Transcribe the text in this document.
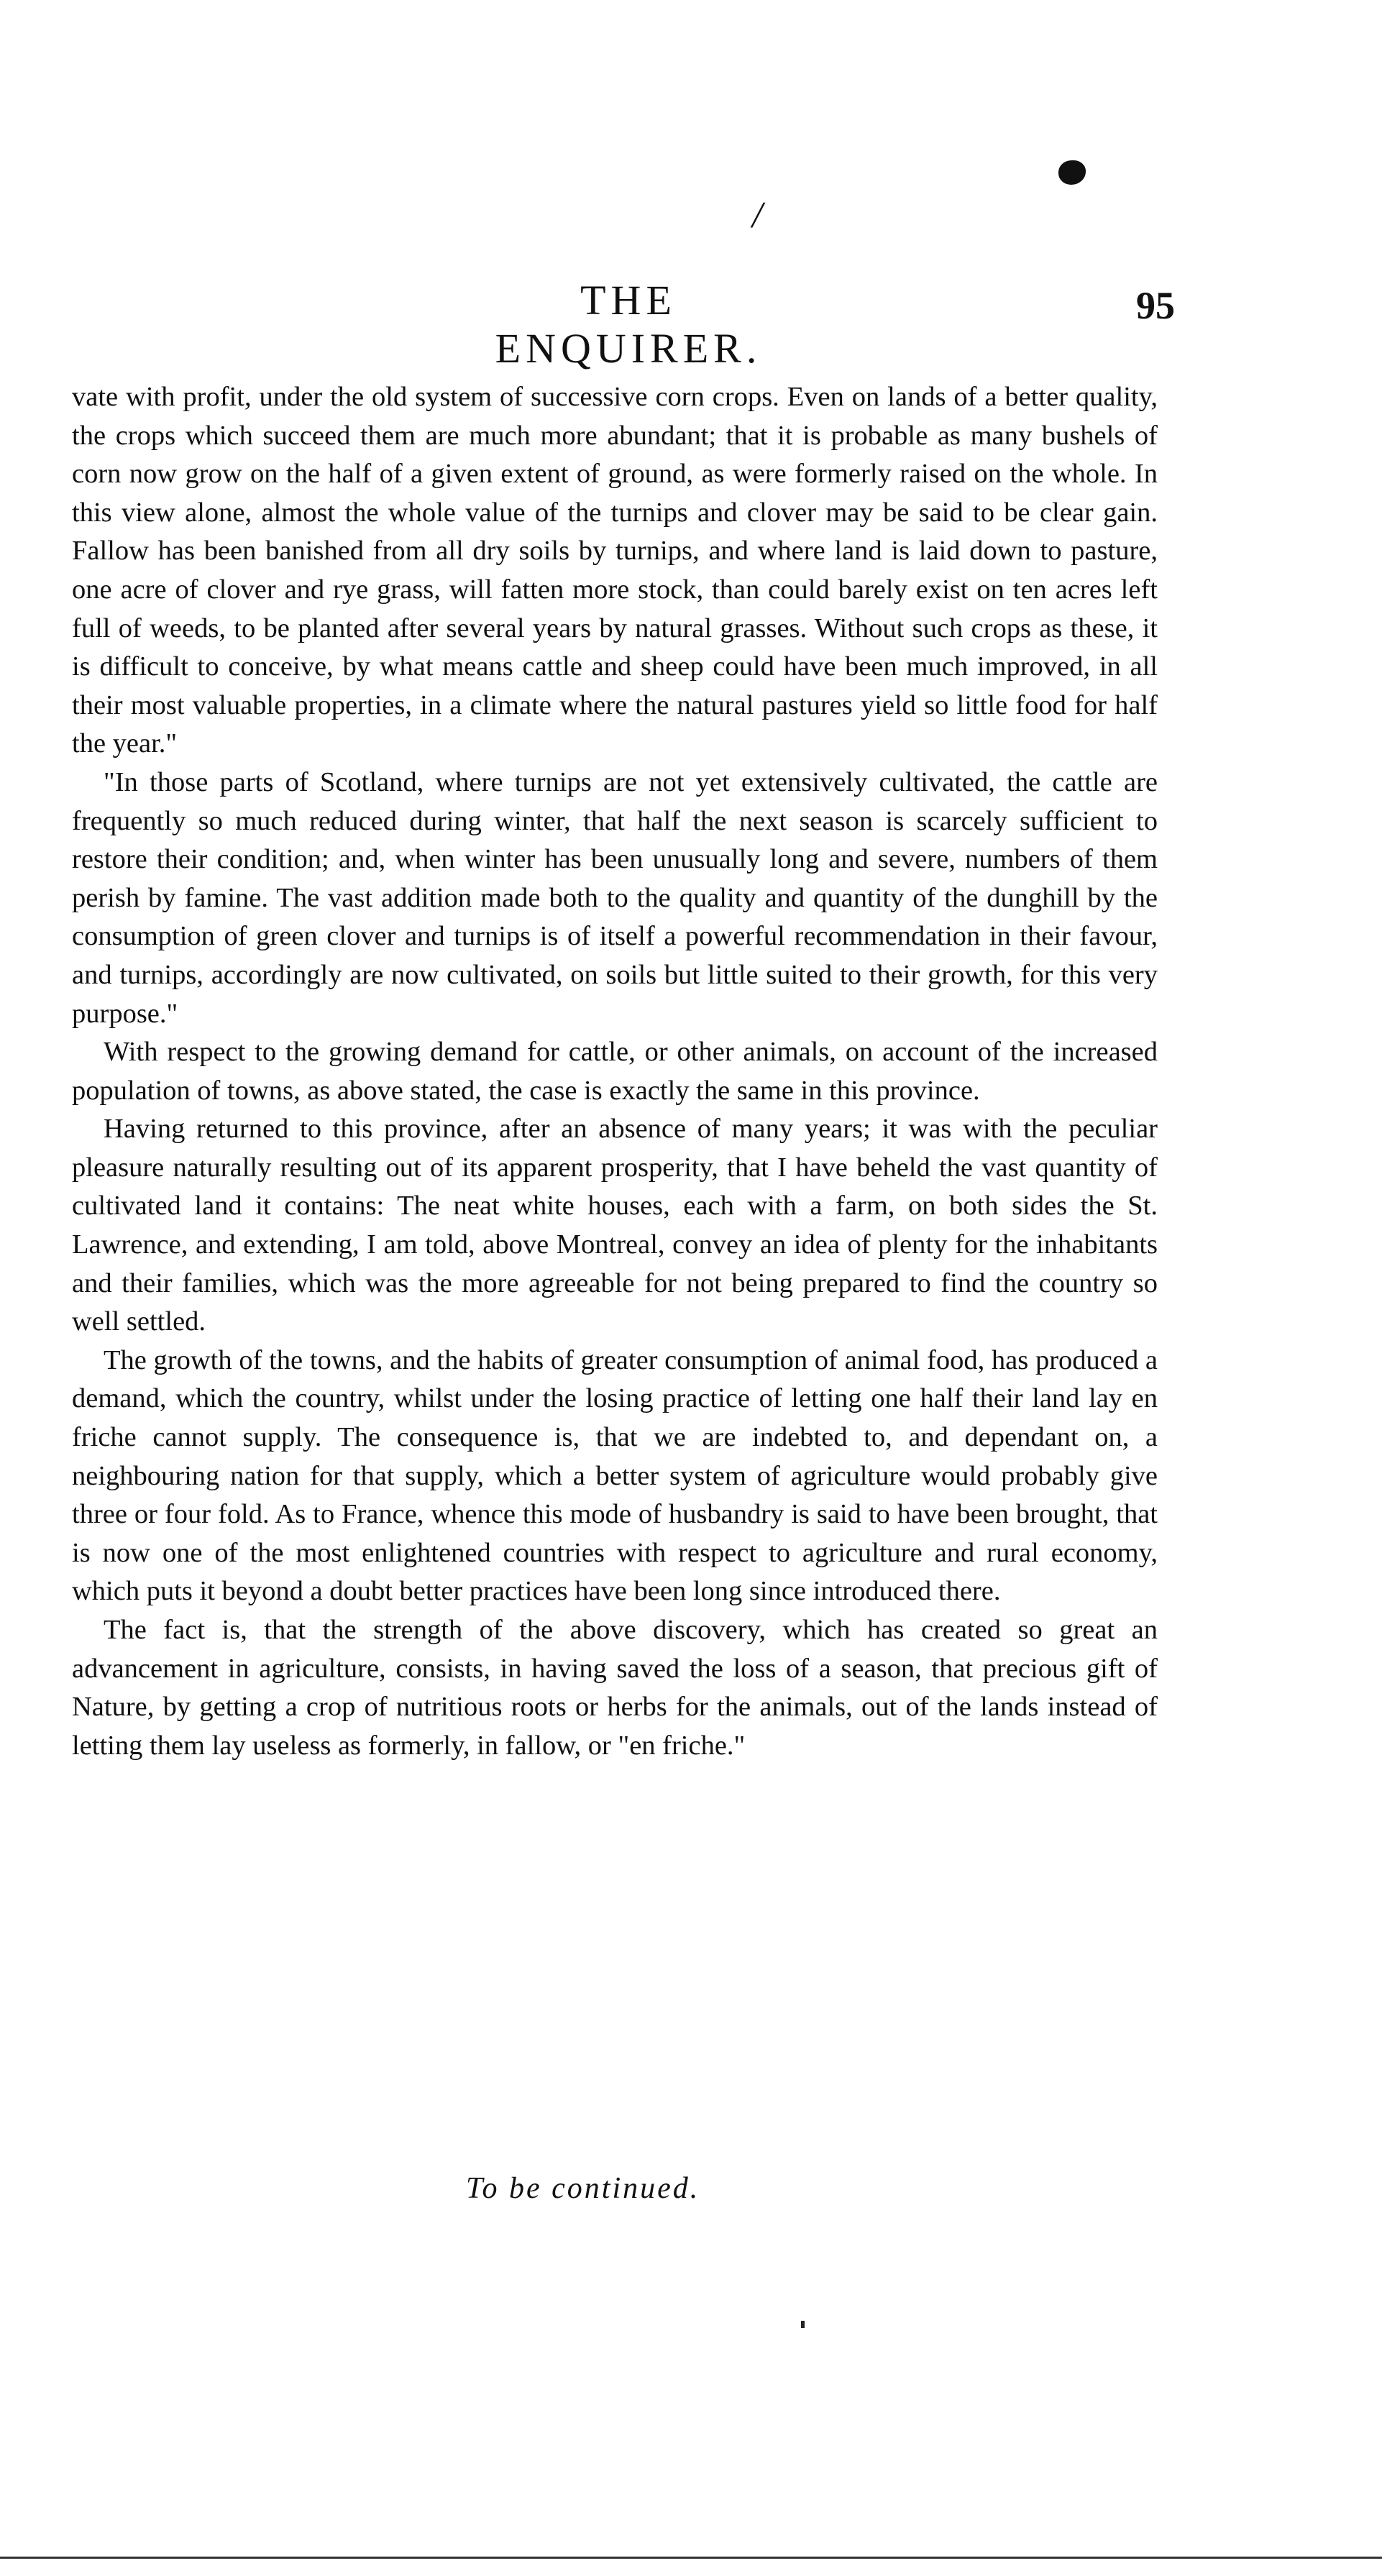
/
THE ENQUIRER.
95

vate with profit, under the old system of successive corn crops. Even on lands of a better quality, the crops which succeed them are much more abundant; that it is probable as many bushels of corn now grow on the half of a given extent of ground, as were formerly raised on the whole. In this view alone, almost the whole value of the turnips and clover may be said to be clear gain. Fallow has been banished from all dry soils by turnips, and where land is laid down to pasture, one acre of clover and rye grass, will fatten more stock, than could barely exist on ten acres left full of weeds, to be planted after several years by natural grasses. Without such crops as these, it is difficult to conceive, by what means cattle and sheep could have been much improved, in all their most valuable properties, in a climate where the natural pastures yield so little food for half the year."

"In those parts of Scotland, where turnips are not yet extensively cultivated, the cattle are frequently so much reduced during winter, that half the next season is scarcely sufficient to restore their condition; and, when winter has been unusually long and severe, numbers of them perish by famine. The vast addition made both to the quality and quantity of the dunghill by the consumption of green clover and turnips is of itself a powerful recommendation in their favour, and turnips, accordingly are now cultivated, on soils but little suited to their growth, for this very purpose."

With respect to the growing demand for cattle, or other animals, on account of the increased population of towns, as above stated, the case is exactly the same in this province.

Having returned to this province, after an absence of many years; it was with the peculiar pleasure naturally resulting out of its apparent prosperity, that I have beheld the vast quantity of cultivated land it contains: The neat white houses, each with a farm, on both sides the St. Lawrence, and extending, I am told, above Montreal, convey an idea of plenty for the inhabitants and their families, which was the more agreeable for not being prepared to find the country so well settled.

The growth of the towns, and the habits of greater consumption of animal food, has produced a demand, which the country, whilst under the losing practice of letting one half their land lay en friche cannot supply. The consequence is, that we are indebted to, and dependant on, a neighbouring nation for that supply, which a better system of agriculture would probably give three or four fold. As to France, whence this mode of husbandry is said to have been brought, that is now one of the most enlightened countries with respect to agriculture and rural economy, which puts it beyond a doubt better practices have been long since introduced there.

The fact is, that the strength of the above discovery, which has created so great an advancement in agriculture, consists, in having saved the loss of a season, that precious gift of Nature, by getting a crop of nutritious roots or herbs for the animals, out of the lands instead of letting them lay useless as formerly, in fallow, or "en friche."

To be continued.
